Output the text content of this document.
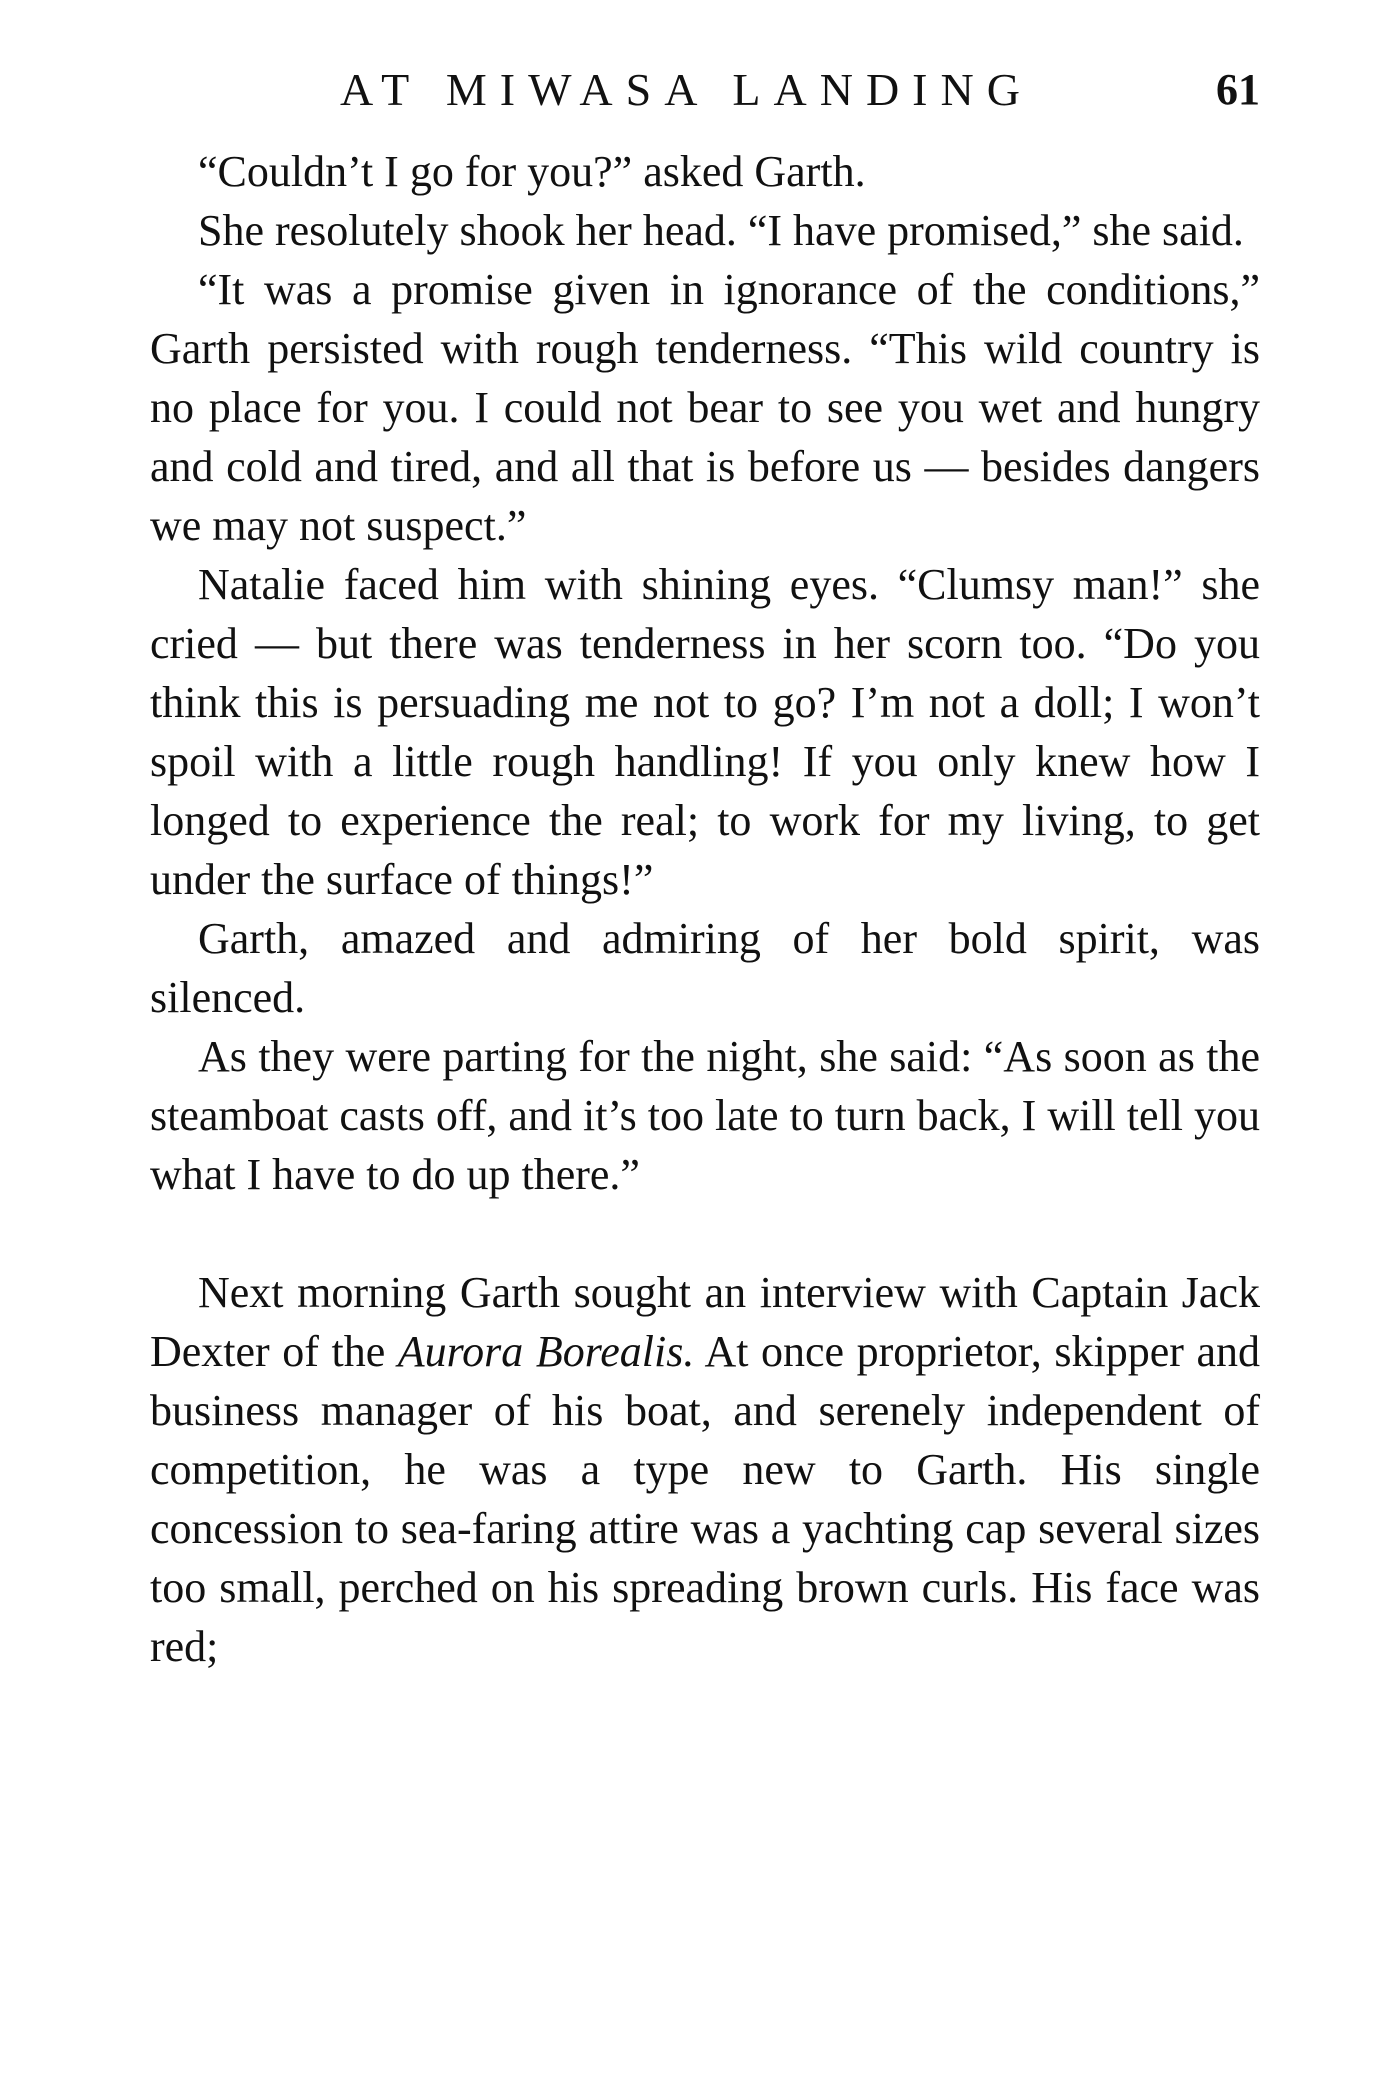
AT MIWASA LANDING	61

“Couldn’t I go for you?” asked Garth.

She resolutely shook her head. “I have promised,” she said.

“It was a promise given in ignorance of the conditions,” Garth persisted with rough tenderness. “This wild country is no place for you. I could not bear to see you wet and hungry and cold and tired, and all that is before us — besides dangers we may not suspect.”

Natalie faced him with shining eyes. “Clumsy man!” she cried — but there was tenderness in her scorn too. “Do you think this is persuading me not to go? I’m not a doll; I won’t spoil with a little rough handling! If you only knew how I longed to experience the real; to work for my living, to get under the surface of things!”

Garth, amazed and admiring of her bold spirit, was silenced.

As they were parting for the night, she said: “As soon as the steamboat casts off, and it’s too late to turn back, I will tell you what I have to do up there.”

Next morning Garth sought an interview with Captain Jack Dexter of the Aurora Borealis. At once proprietor, skipper and business manager of his boat, and serenely independent of competition, he was a type new to Garth. His single concession to sea-faring attire was a yachting cap several sizes too small, perched on his spreading brown curls. His face was red;
